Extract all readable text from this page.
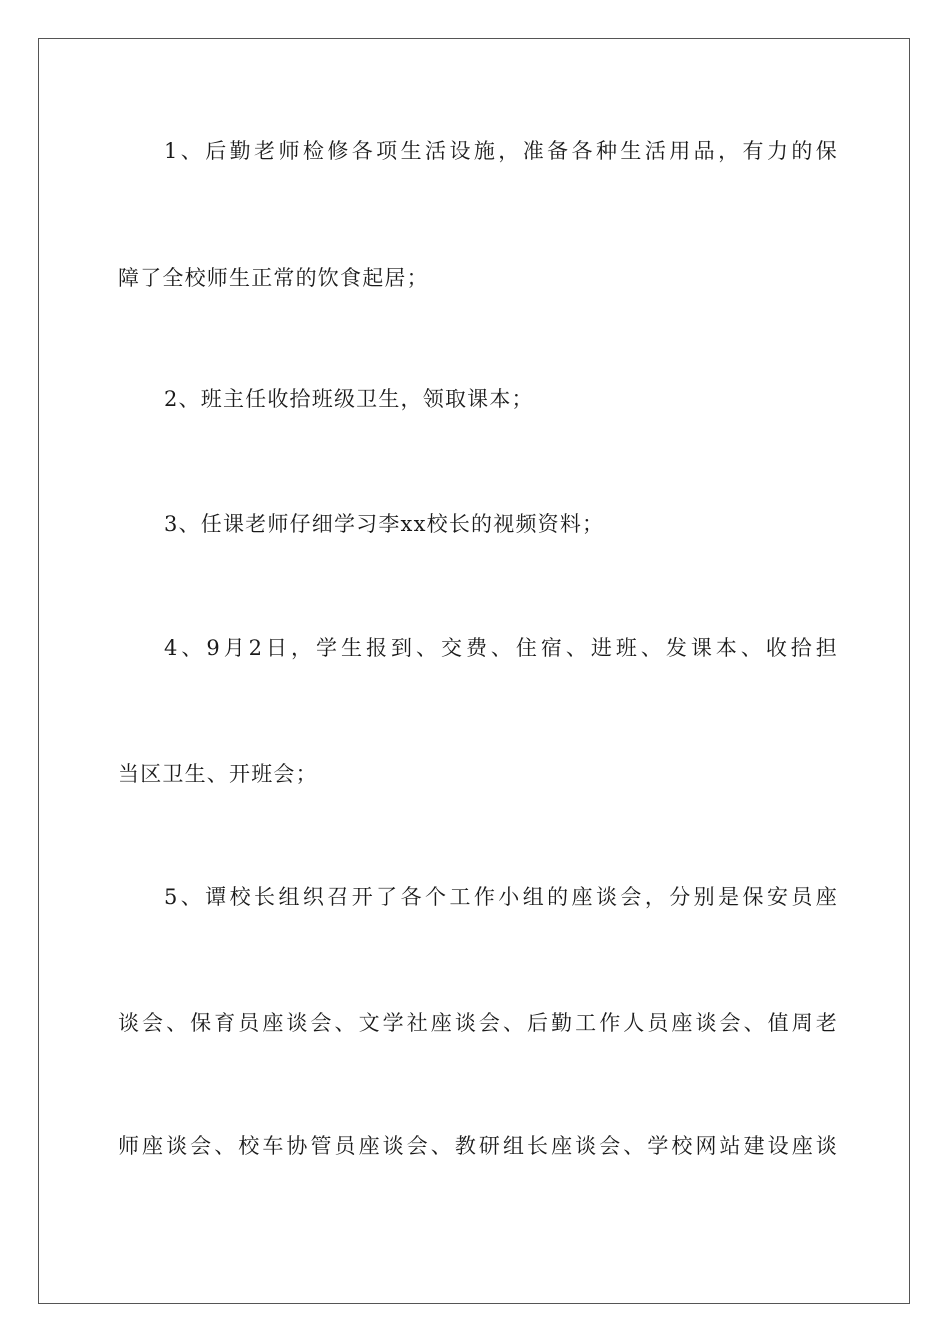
1、后勤老师检修各项生活设施，准备各种生活用品，有力的保
障了全校师生正常的饮食起居；
2、班主任收拾班级卫生，领取课本；
3、任课老师仔细学习李xx校长的视频资料；
4、9月2日，学生报到、交费、住宿、进班、发课本、收拾担
当区卫生、开班会；
5、谭校长组织召开了各个工作小组的座谈会，分别是保安员座
谈会、保育员座谈会、文学社座谈会、后勤工作人员座谈会、值周老
师座谈会、校车协管员座谈会、教研组长座谈会、学校网站建设座谈
